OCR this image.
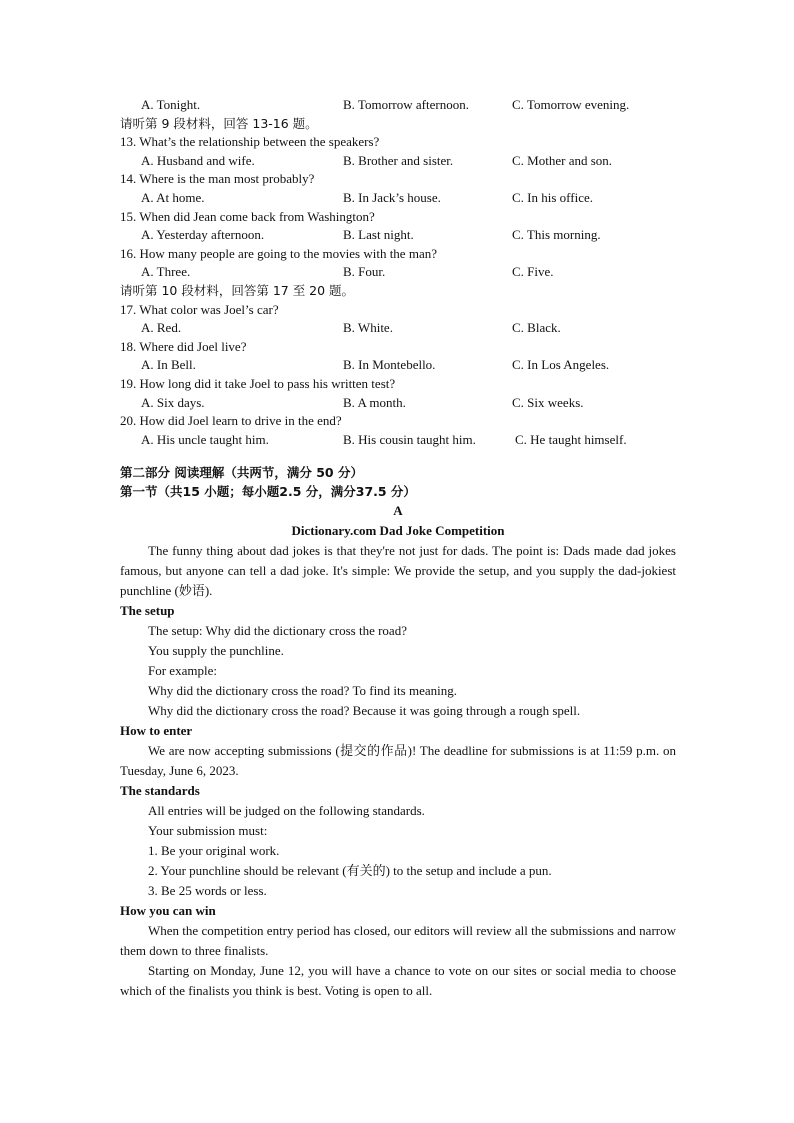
A. Tonight.	B. Tomorrow afternoon.	C. Tomorrow evening.
请听第 9 段材料，回答 13-16 题。
13. What’s the relationship between the speakers?
A. Husband and wife.	B. Brother and sister.	C. Mother and son.
14. Where is the man most probably?
A. At home.	B. In Jack’s house.	C. In his office.
15. When did Jean come back from Washington?
A. Yesterday afternoon.	B. Last night.	C. This morning.
16. How many people are going to the movies with the man?
A. Three.	B. Four.	C. Five.
请听第 10 段材料，回答第 17 至 20 题。
17. What color was Joel’s car?
A. Red.	B. White.	C. Black.
18. Where did Joel live?
A. In Bell.	B. In Montebello.	C. In Los Angeles.
19. How long did it take Joel to pass his written test?
A. Six days.	B. A month.	C. Six weeks.
20. How did Joel learn to drive in the end?
A. His uncle taught him.	B. His cousin taught him.	C. He taught himself.
第二部分 阅读理解（共两节，满分 50 分）
第一节（共15 小题；每小题2.5 分，满分37.5 分）
A
Dictionary.com Dad Joke Competition

The funny thing about dad jokes is that they're not just for dads. The point is: Dads made dad jokes famous, but anyone can tell a dad joke. It's simple: We provide the setup, and you supply the dad-jokiest punchline (妙语).

The setup
The setup: Why did the dictionary cross the road?
You supply the punchline.
For example:
Why did the dictionary cross the road? To find its meaning.
Why did the dictionary cross the road? Because it was going through a rough spell.
How to enter

We are now accepting submissions (提交的作品)! The deadline for submissions is at 11:59 p.m. on Tuesday, June 6, 2023.

The standards
All entries will be judged on the following standards.
Your submission must:
1. Be your original work.
2. Your punchline should be relevant (有关的) to the setup and include a pun.
3. Be 25 words or less.
How you can win

When the competition entry period has closed, our editors will review all the submissions and narrow them down to three finalists.

Starting on Monday, June 12, you will have a chance to vote on our sites or social media to choose which of the finalists you think is best. Voting is open to all.
